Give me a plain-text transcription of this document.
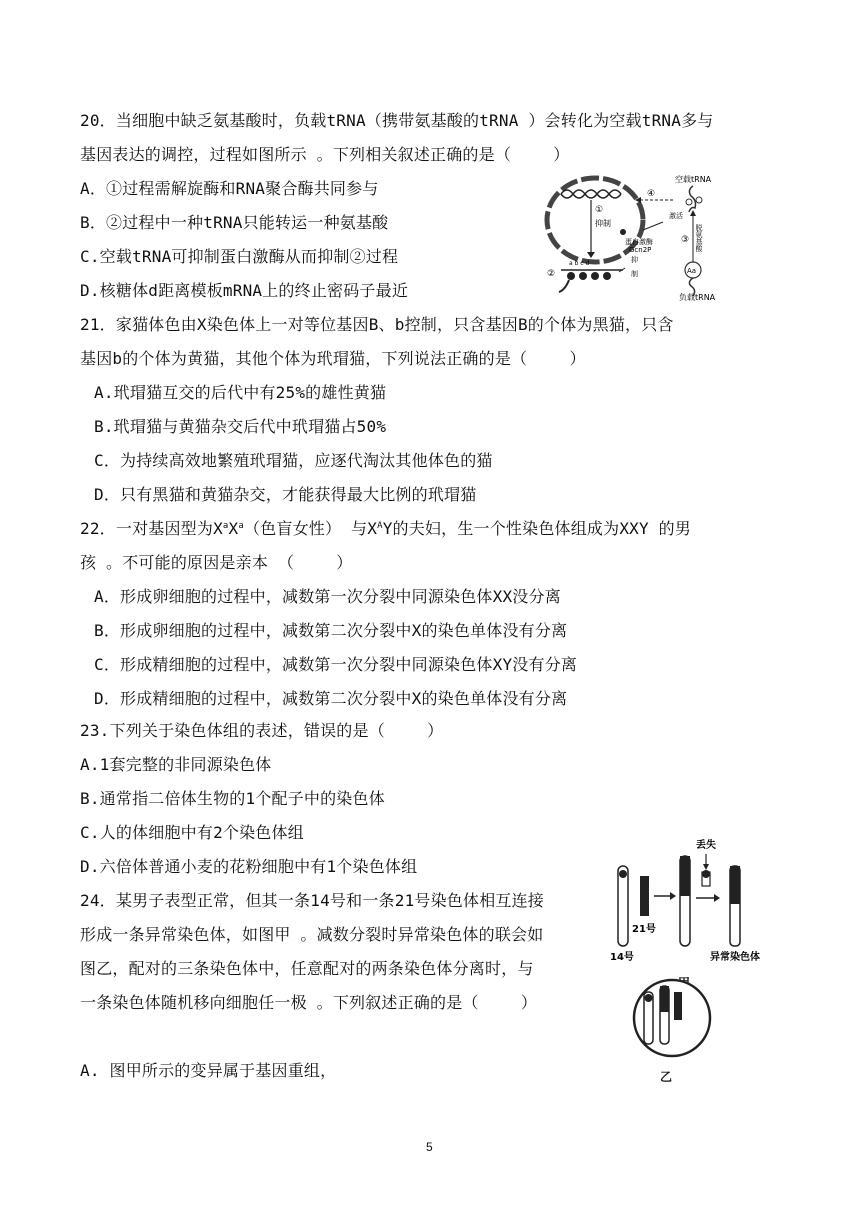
20．当细胞中缺乏氨基酸时，负载tRNA（携带氨基酸的tRNA ）会转化为空载tRNA多与
基因表达的调控，过程如图所示 。下列相关叙述正确的是（　　 ）
A．①过程需解旋酶和RNA聚合酶共同参与
B．②过程中一种tRNA只能转运一种氨基酸
C.空载tRNA可抑制蛋白激酶从而抑制②过程
D.核糖体d距离模板mRNA上的终止密码子最近
①
抑制
②
a b c d
蛋白激酶
Gcn2P
抑
制
空载tRNA
④
激活
③ 脱氨基酸
Aa
负载tRNA
21．家猫体色由X染色体上一对等位基因B、b控制，只含基因B的个体为黑猫，只含
基因b的个体为黄猫，其他个体为玳瑁猫，下列说法正确的是（　　 ）
A.玳瑁猫互交的后代中有25%的雄性黄猫
B.玳瑁猫与黄猫杂交后代中玳瑁猫占50%
C．为持续高效地繁殖玳瑁猫，应逐代淘汰其他体色的猫
D．只有黑猫和黄猫杂交，才能获得最大比例的玳瑁猫
22．一对基因型为$X^aX^a$（色盲女性） 与$X^AY$的夫妇，生一个性染色体组成为XXY 的男
孩 。不可能的原因是亲本 （　　 ）
A．形成卵细胞的过程中，减数第一次分裂中同源染色体XX没分离
B．形成卵细胞的过程中，减数第二次分裂中X的染色单体没有分离
C．形成精细胞的过程中，减数第一次分裂中同源染色体XY没有分离
D．形成精细胞的过程中，减数第二次分裂中X的染色单体没有分离
23.下列关于染色体组的表述，错误的是（　　 ）
A.1套完整的非同源染色体
B.通常指二倍体生物的1个配子中的染色体
C.人的体细胞中有2个染色体组
D.六倍体普通小麦的花粉细胞中有1个染色体组
24．某男子表型正常，但其一条14号和一条21号染色体相互连接
形成一条异常染色体，如图甲 。减数分裂时异常染色体的联会如
图乙，配对的三条染色体中，任意配对的两条染色体分离时，与
一条染色体随机移向细胞任一极 。下列叙述正确的是（　　 ）
A. 图甲所示的变异属于基因重组，
21号
14号
丢失
异常染色体
乙
5
